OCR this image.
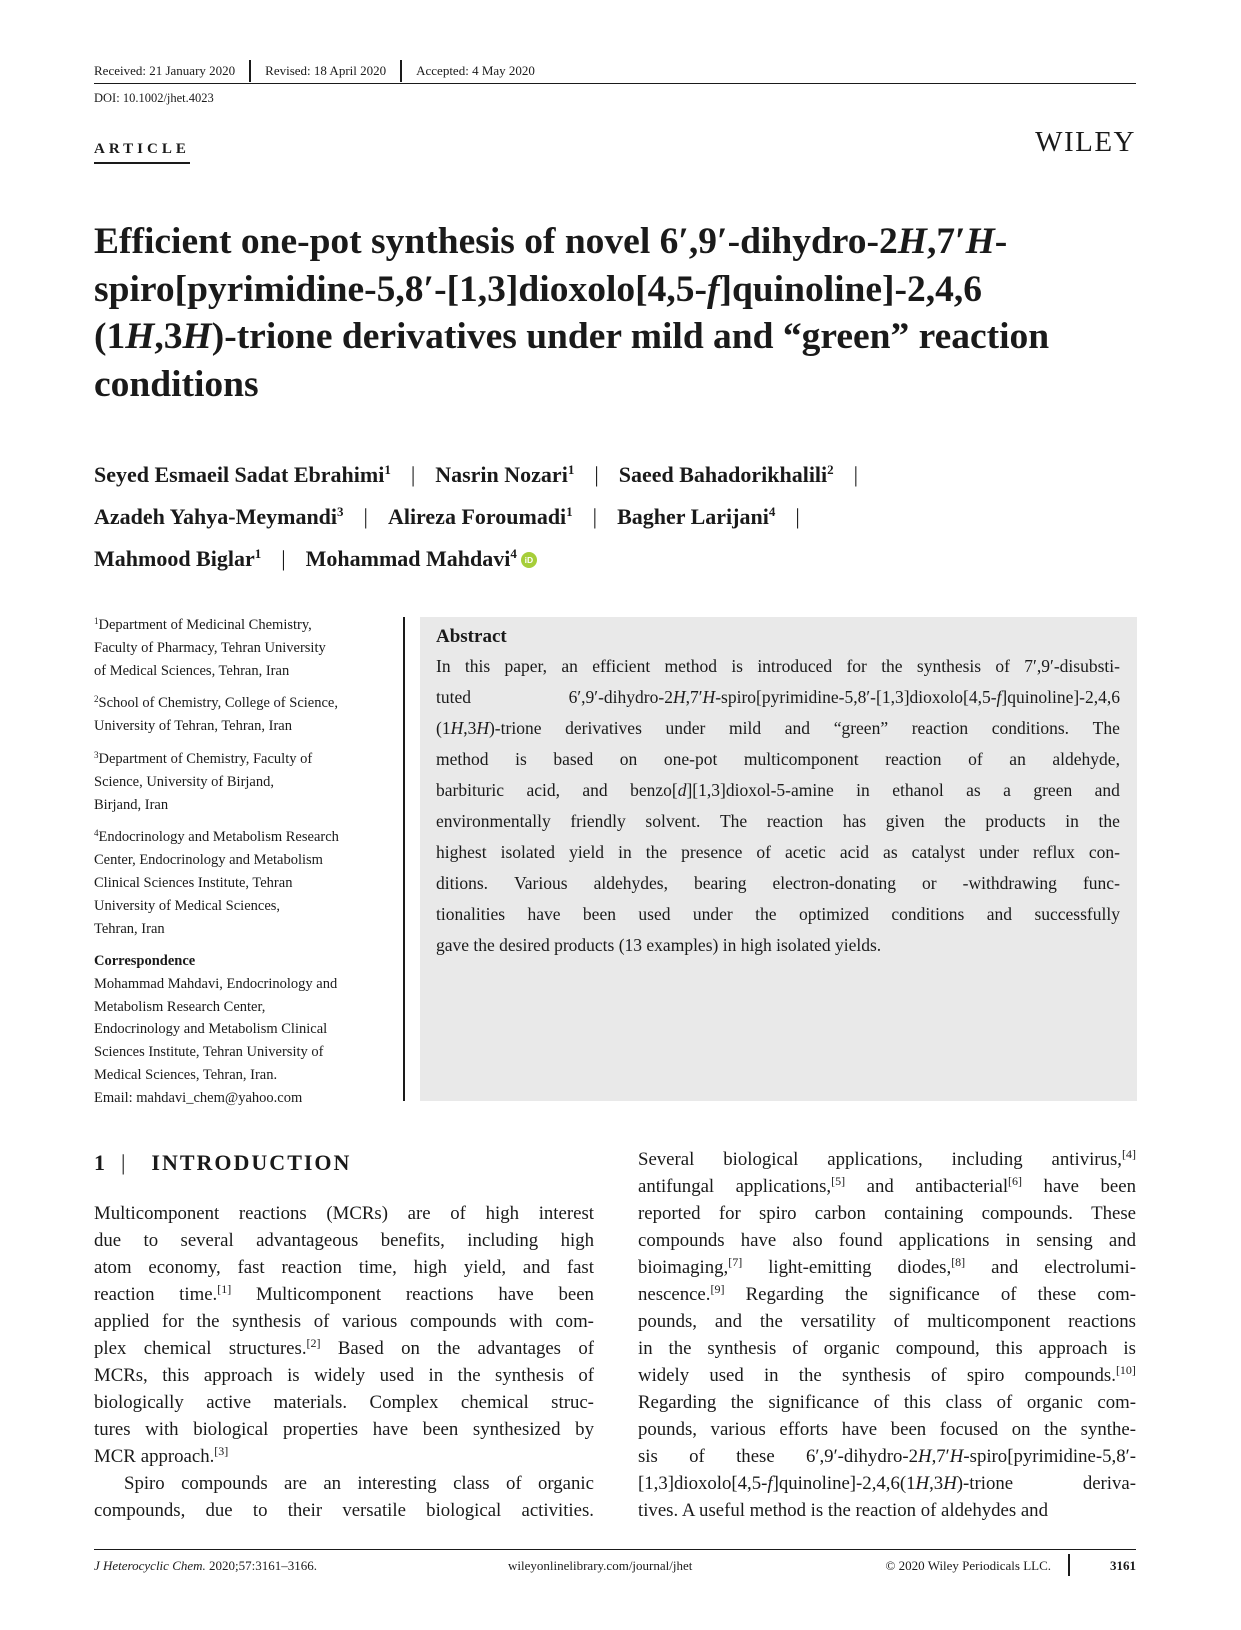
Received: 21 January 2020	Revised: 18 April 2020	Accepted: 4 May 2020
DOI: 10.1002/jhet.4023
ARTICLE	WILEY
Efficient one-pot synthesis of novel 6′,9′-dihydro-2H,7′H-
spiro[pyrimidine-5,8′-[1,3]dioxolo[4,5-f]quinoline]-2,4,6
(1H,3H)-trione derivatives under mild and “green” reaction
conditions
Seyed Esmaeil Sadat Ebrahimi$^1$ | Nasrin Nozari$^1$ | Saeed Bahadorikhalili$^2$ |
Azadeh Yahya-Meymandi$^3$ | Alireza Foroumadi$^1$ | Bagher Larijani$^4$ |
Mahmood Biglar$^1$ | Mohammad Mahdavi$^4$ iD
$^1$Department of Medicinal Chemistry,
Faculty of Pharmacy, Tehran University
of Medical Sciences, Tehran, Iran
$^2$School of Chemistry, College of Science,
University of Tehran, Tehran, Iran
$^3$Department of Chemistry, Faculty of
Science, University of Birjand,
Birjand, Iran
$^4$Endocrinology and Metabolism Research
Center, Endocrinology and Metabolism
Clinical Sciences Institute, Tehran
University of Medical Sciences,
Tehran, Iran
Correspondence
Mohammad Mahdavi, Endocrinology and
Metabolism Research Center,
Endocrinology and Metabolism Clinical
Sciences Institute, Tehran University of
Medical Sciences, Tehran, Iran.
Email: mahdavi_chem@yahoo.com
Abstract
In this paper, an efficient method is introduced for the synthesis of 7′,9′-disubsti-
tuted	6′,9′-dihydro-2H,7′H-spiro[pyrimidine-5,8′-[1,3]dioxolo[4,5-f]quinoline]-2,4,6
(1H,3H)-trione derivatives under mild and “green” reaction conditions. The
method is based on one-pot multicomponent reaction of an aldehyde,
barbituric acid, and benzo[d][1,3]dioxol-5-amine in ethanol as a green and
environmentally friendly solvent. The reaction has given the products in the
highest isolated yield in the presence of acetic acid as catalyst under reflux con-
ditions. Various aldehydes, bearing electron-donating or -withdrawing func-
tionalities have been used under the optimized conditions and successfully
gave the desired products (13 examples) in high isolated yields.
1 | INTRODUCTION
Multicomponent reactions (MCRs) are of high interest
due to several advantageous benefits, including high
atom economy, fast reaction time, high yield, and fast
reaction time.[1] Multicomponent reactions have been
applied for the synthesis of various compounds with com-
plex chemical structures.[2] Based on the advantages of
MCRs, this approach is widely used in the synthesis of
biologically active materials. Complex chemical struc-
tures with biological properties have been synthesized by
MCR approach.[3]
Spiro compounds are an interesting class of organic
compounds, due to their versatile biological activities.
Several biological applications, including antivirus,[4]
antifungal applications,[5] and antibacterial[6] have been
reported for spiro carbon containing compounds. These
compounds have also found applications in sensing and
bioimaging,[7] light-emitting diodes,[8] and electrolumi-
nescence.[9] Regarding the significance of these com-
pounds, and the versatility of multicomponent reactions
in the synthesis of organic compound, this approach is
widely used in the synthesis of spiro compounds.[10]
Regarding the significance of this class of organic com-
pounds, various efforts have been focused on the synthe-
sis of these 6′,9′-dihydro-2H,7′H-spiro[pyrimidine-5,8′-
[1,3]dioxolo[4,5-f]quinoline]-2,4,6(1H,3H)-trione	deriva-
tives. A useful method is the reaction of aldehydes and
J Heterocyclic Chem. 2020;57:3161–3166.	wileyonlinelibrary.com/journal/jhet	© 2020 Wiley Periodicals LLC.	3161
